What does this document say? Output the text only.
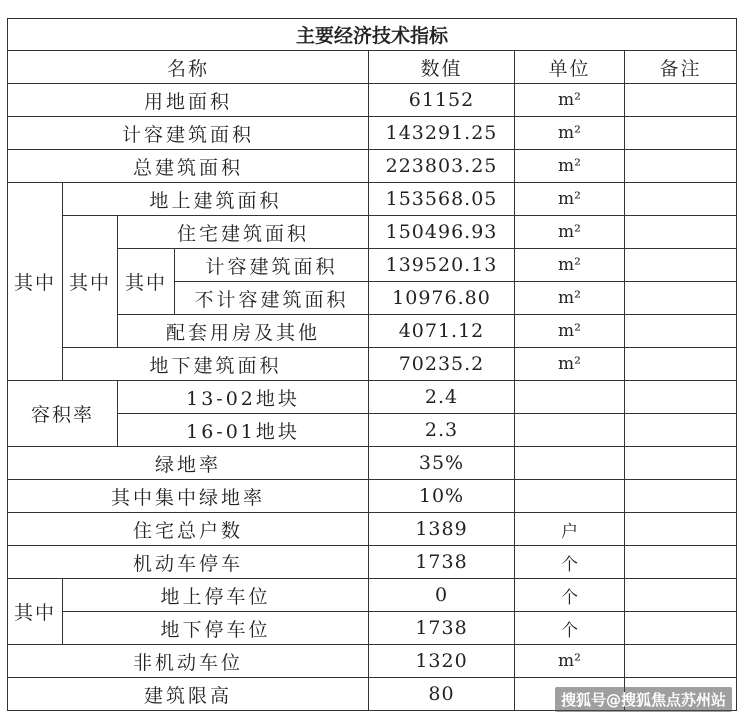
主要经济技术指标						
名称				数值	单位	备注
用地面积				61152	m²	
计容建筑面积				143291.25	m²	
总建筑面积				223803.25	m²	
其中	地上建筑面积			153568.05	m²	
	其中	住宅建筑面积		150496.93	m²	
		其中	计容建筑面积	139520.13	m²	
			不计容建筑面积	10976.80	m²	
		配套用房及其他		4071.12	m²	
	地下建筑面积			70235.2	m²	
容积率		13-02地块		2.4		
		16-01地块		2.3		
绿地率				35%		
其中集中绿地率				10%		
住宅总户数				1389	户	
机动车停车				1738	个	
其中	地上停车位			0	个	
	地下停车位			1738	个	
非机动车位				1320	m²	
建筑限高				80			搜狐号@搜狐焦点苏州站
